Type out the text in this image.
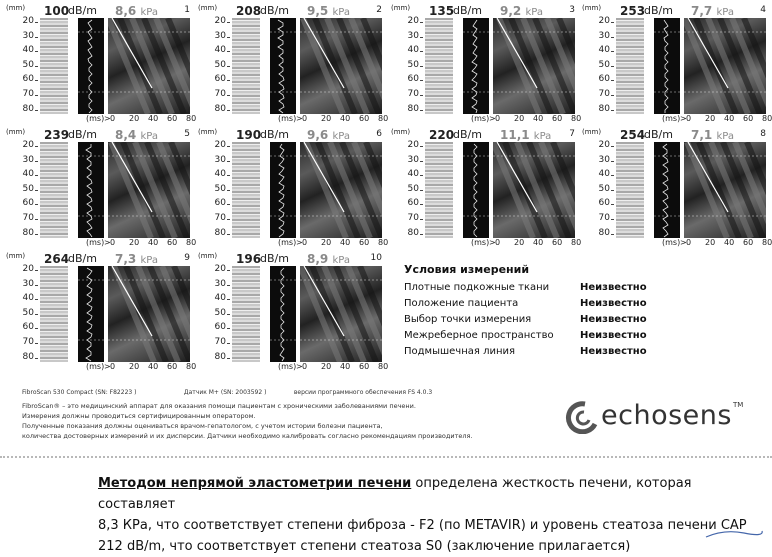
(mm)
20
30
40
50
60
70
80
100
dB/m 8,6 kPa	1
(ms) > 0 20 40 60 80
(mm)
20
30
40
50
60
70
80
208
dB/m 9,5 kPa	2
(ms) > 0 20 40 60 80
(mm)
20
30
40
50
60
70
80
135
dB/m 9,2 kPa	3
(ms) > 0 20 40 60 80
(mm)
20
30
40
50
60
70
80
253
dB/m 7,7 kPa	4
(ms) > 0 20 40 60 80
(mm)
20
30
40
50
60
70
80
239
dB/m 8,4 kPa	5
(ms) > 0 20 40 60 80
(mm)
20
30
40
50
60
70
80
190
dB/m 9,6 kPa	6
(ms) > 0 20 40 60 80
(mm)
20
30
40
50
60
70
80
220
dB/m 11,1 kPa 7
(ms) > 0 20 40 60 80
(mm)
20
30
40
50
60
70
80
254
dB/m 7,1 kPa	8
(ms) > 0 20 40 60 80
(mm)
20
30
40
50
60
70
80
264
dB/m 7,3 kPa	9
(ms) > 0 20 40 60 80
(mm)
20
30
40
50
60
70
80
196
dB/m 8,9 kPa 10
(ms) > 0 20 40 60 80
Условия измерений
Плотные подкожные ткани	Неизвестно
Положение пациента	Неизвестно
Выбор точки измерения	Неизвестно
Межреберное пространство	Неизвестно
Подмышечная линия	Неизвестно
FibroScan 530 Compact (SN: F82223 )	Датчик M+ (SN: 2003592 )	версии программного обеспечения FS 4.0.3
FibroScan® – это медицинский аппарат для оказания помощи пациентам с хроническими заболеваниями печени.
Измерения должны проводиться сертифицированным оператором.
Полученные показания должны оцениваться врачом-гепатологом, с учетом истории болезни пациента,
количества достоверных измерений и их дисперсии. Датчики необходимо калибровать согласно рекомендациям производителя.
echosens TM
Методом непрямой эластометрии печени определена жесткость печени, которая составляет
8,3 КРа, что соответствует степени фиброза - F2 (по METAVIR) и уровень стеатоза печени САР
212 dB/m, что соответствует степени стеатоза S0 (заключение прилагается)
